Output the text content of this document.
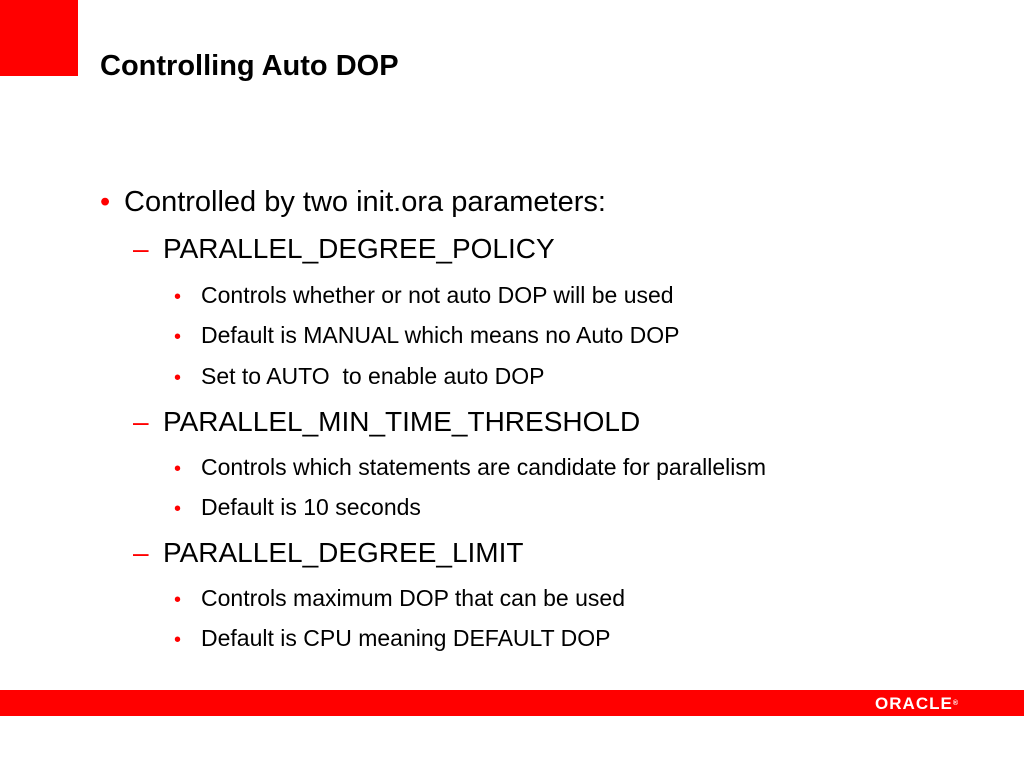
Controlling Auto DOP
• Controlled by two init.ora parameters:
– PARALLEL_DEGREE_POLICY
• Controls whether or not auto DOP will be used
• Default is MANUAL which means no Auto DOP
• Set to AUTO  to enable auto DOP
– PARALLEL_MIN_TIME_THRESHOLD
• Controls which statements are candidate for parallelism
• Default is 10 seconds
– PARALLEL_DEGREE_LIMIT
• Controls maximum DOP that can be used
• Default is CPU meaning DEFAULT DOP
ORACLE®
